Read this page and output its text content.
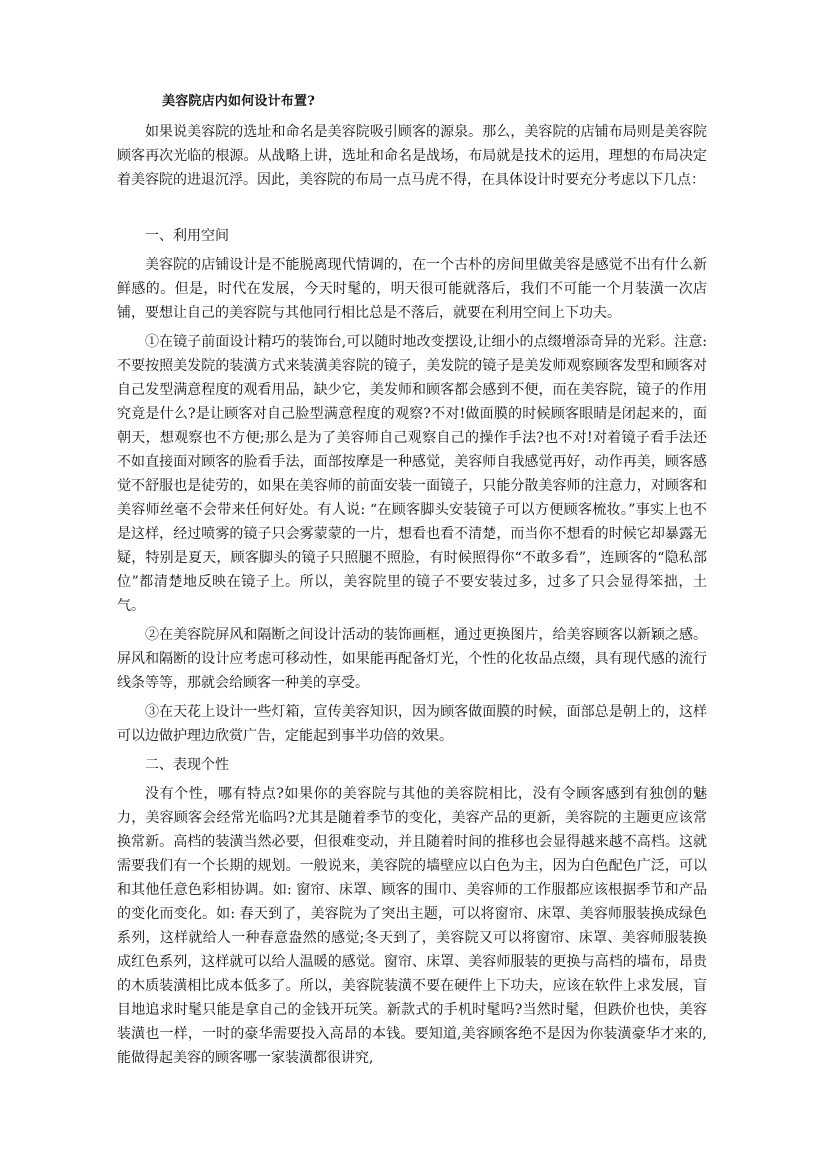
美容院店内如何设计布置?

如果说美容院的选址和命名是美容院吸引顾客的源泉。那么，美容院的店铺布局则是美容院顾客再次光临的根源。从战略上讲，选址和命名是战场，布局就是技术的运用，理想的布局决定着美容院的进退沉浮。因此，美容院的布局一点马虎不得，在具体设计时要充分考虑以下几点：

一、利用空间

美容院的店铺设计是不能脱离现代情调的，在一个古朴的房间里做美容是感觉不出有什么新鲜感的。但是，时代在发展，今天时髦的，明天很可能就落后，我们不可能一个月装潢一次店铺，要想让自己的美容院与其他同行相比总是不落后，就要在利用空间上下功夫。

①在镜子前面设计精巧的装饰台,可以随时地改变摆设,让细小的点缀增添奇异的光彩。注意: 不要按照美发院的装潢方式来装潢美容院的镜子，美发院的镜子是美发师观察顾客发型和顾客对自己发型满意程度的观看用品，缺少它，美发师和顾客都会感到不便，而在美容院，镜子的作用究竟是什么?是让顾客对自己脸型满意程度的观察?不对!做面膜的时候顾客眼睛是闭起来的，面朝天，想观察也不方便;那么是为了美容师自己观察自己的操作手法?也不对!对着镜子看手法还不如直接面对顾客的脸看手法，面部按摩是一种感觉，美容师自我感觉再好，动作再美，顾客感觉不舒服也是徒劳的，如果在美容师的前面安装一面镜子，只能分散美容师的注意力，对顾客和美容师丝毫不会带来任何好处。有人说: “在顾客脚头安装镜子可以方便顾客梳妆。”事实上也不是这样，经过喷雾的镜子只会雾蒙蒙的一片，想看也看不清楚，而当你不想看的时候它却暴露无疑，特别是夏天，顾客脚头的镜子只照腿不照脸，有时候照得你“不敢多看”，连顾客的“隐私部位”都清楚地反映在镜子上。所以，美容院里的镜子不要安装过多，过多了只会显得笨拙，土气。

②在美容院屏风和隔断之间设计活动的装饰画框，通过更换图片，给美容顾客以新颖之感。屏风和隔断的设计应考虑可移动性，如果能再配备灯光，个性的化妆品点缀，具有现代感的流行线条等等，那就会给顾客一种美的享受。

③在天花上设计一些灯箱，宣传美容知识，因为顾客做面膜的时候，面部总是朝上的，这样可以边做护理边欣赏广告，定能起到事半功倍的效果。

二、表现个性

没有个性，哪有特点?如果你的美容院与其他的美容院相比，没有令顾客感到有独创的魅力，美容顾客会经常光临吗?尤其是随着季节的变化，美容产品的更新，美容院的主题更应该常换常新。高档的装潢当然必要，但很难变动，并且随着时间的推移也会显得越来越不高档。这就需要我们有一个长期的规划。一般说来，美容院的墙壁应以白色为主，因为白色配色广泛，可以和其他任意色彩相协调。如: 窗帘、床罩、顾客的围巾、美容师的工作服都应该根据季节和产品的变化而变化。如: 春天到了，美容院为了突出主题，可以将窗帘、床罩、美容师服装换成绿色系列，这样就给人一种春意盎然的感觉;冬天到了，美容院又可以将窗帘、床罩、美容师服装换成红色系列，这样就可以给人温暖的感觉。窗帘、床罩、美容师服装的更换与高档的墙布，昂贵的木质装潢相比成本低多了。所以，美容院装潢不要在硬件上下功夫，应该在软件上求发展，盲目地追求时髦只能是拿自己的金钱开玩笑。新款式的手机时髦吗?当然时髦，但跌价也快，美容装潢也一样，一时的豪华需要投入高昂的本钱。要知道,美容顾客绝不是因为你装潢豪华才来的,能做得起美容的顾客哪一家装潢都很讲究,
